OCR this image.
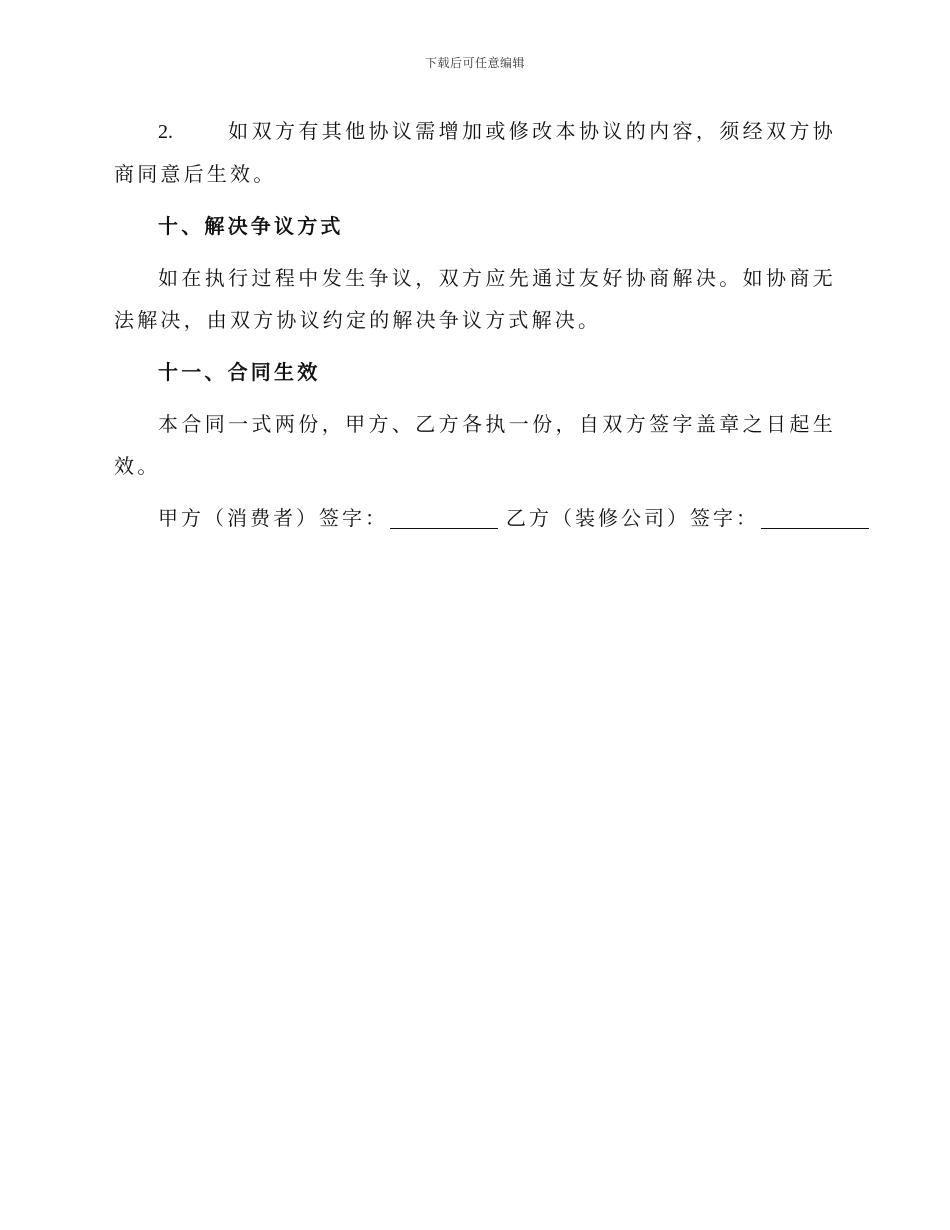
下载后可任意编辑

2.	如双方有其他协议需增加或修改本协议的内容，须经双方协商同意后生效。

十、解决争议方式

如在执行过程中发生争议，双方应先通过友好协商解决。如协商无法解决，由双方协议约定的解决争议方式解决。

十一、合同生效

本合同一式两份，甲方、乙方各执一份，自双方签字盖章之日起生效。

甲方（消费者）签字：	乙方（装修公司）签字：
